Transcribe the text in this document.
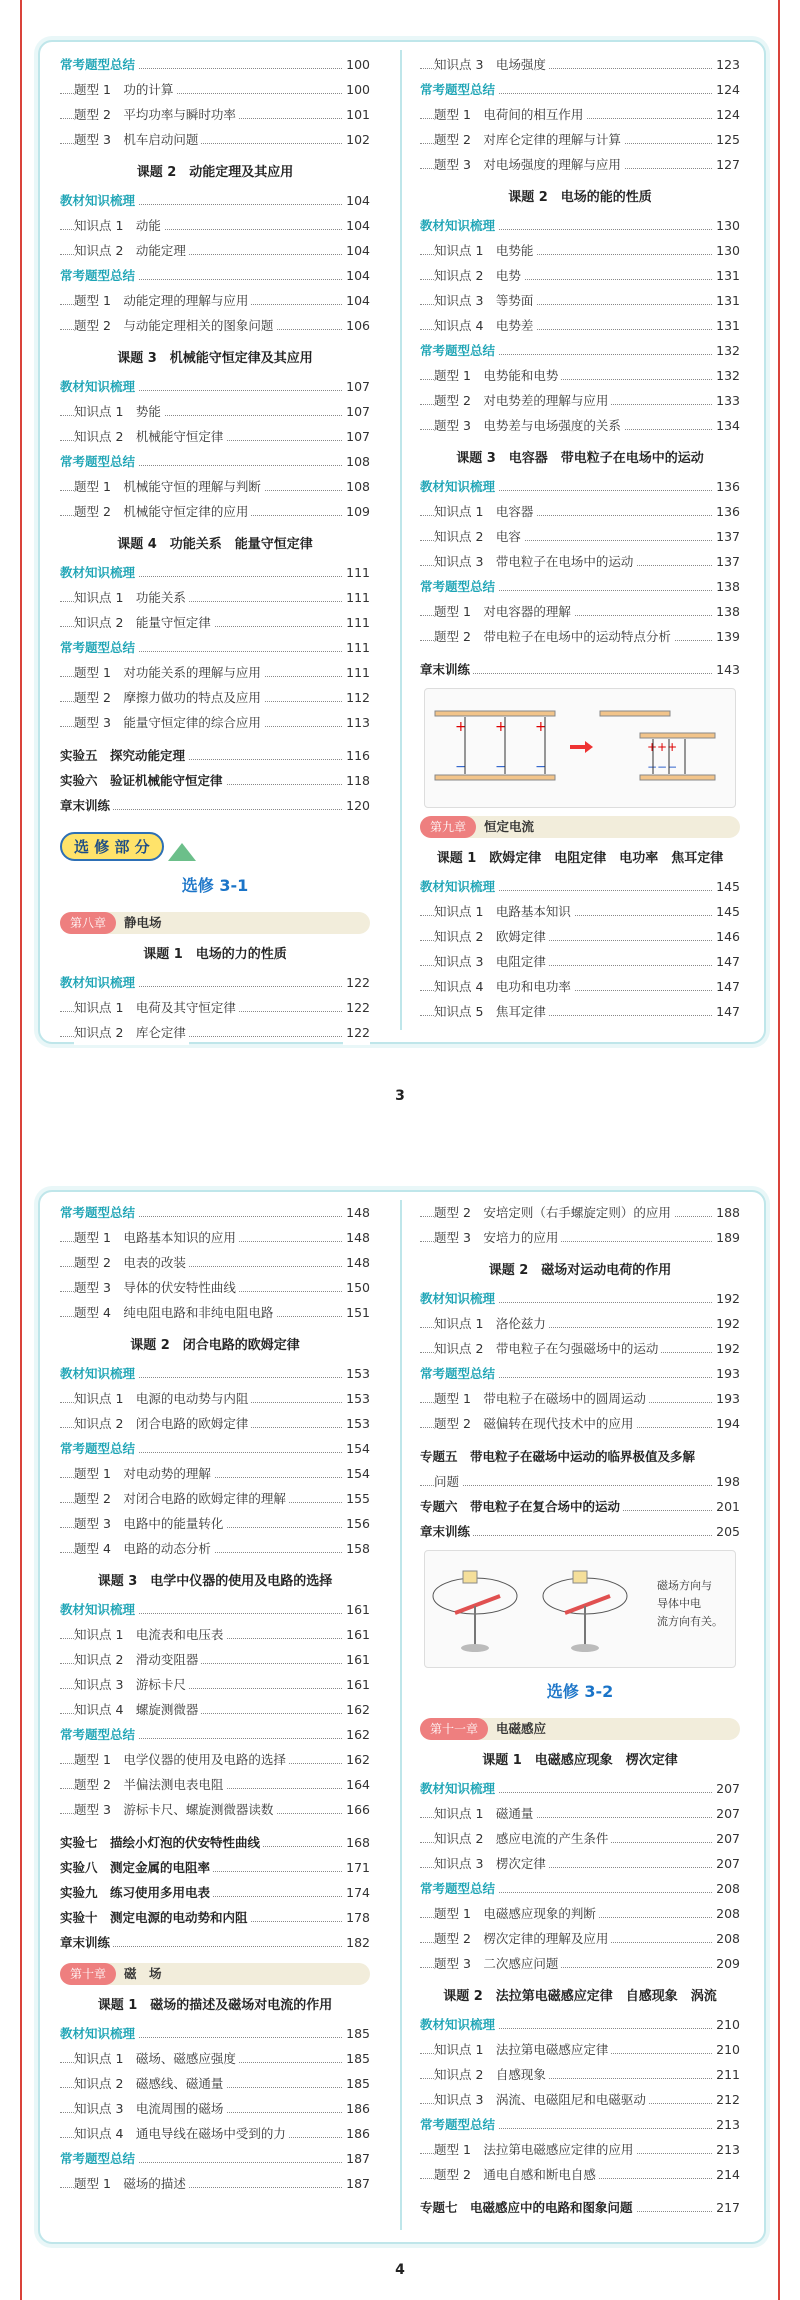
常考题型总结	100
题型 1　功的计算	100
题型 2　平均功率与瞬时功率	101
题型 3　机车启动问题	102
课题 2　动能定理及其应用
教材知识梳理	104
知识点 1　动能	104
知识点 2　动能定理	104
常考题型总结	104
题型 1　动能定理的理解与应用	104
题型 2　与动能定理相关的图象问题	106
课题 3　机械能守恒定律及其应用
教材知识梳理	107
知识点 1　势能	107
知识点 2　机械能守恒定律	107
常考题型总结	108
题型 1　机械能守恒的理解与判断	108
题型 2　机械能守恒定律的应用	109
课题 4　功能关系　能量守恒定律
教材知识梳理	111
知识点 1　功能关系	111
知识点 2　能量守恒定律	111
常考题型总结	111
题型 1　对功能关系的理解与应用	111
题型 2　摩擦力做功的特点及应用	112
题型 3　能量守恒定律的综合应用	113
实验五　探究动能定理	116
实验六　验证机械能守恒定律	118
章末训练	120
选 修 部 分
选修 3-1
第八章 静电场
课题 1　电场的力的性质
教材知识梳理	122
知识点 1　电荷及其守恒定律	122
知识点 2　库仑定律	122
知识点 3　电场强度	123
常考题型总结	124
题型 1　电荷间的相互作用	124
题型 2　对库仑定律的理解与计算	125
题型 3　对电场强度的理解与应用	127
课题 2　电场的能的性质
教材知识梳理	130
知识点 1　电势能	130
知识点 2　电势	131
知识点 3　等势面	131
知识点 4　电势差	131
常考题型总结	132
题型 1　电势能和电势	132
题型 2　对电势差的理解与应用	133
题型 3　电势差与电场强度的关系	134
课题 3　电容器　带电粒子在电场中的运动
教材知识梳理	136
知识点 1　电容器	136
知识点 2　电容	137
知识点 3　带电粒子在电场中的运动	137
常考题型总结	138
题型 1　对电容器的理解	138
题型 2　带电粒子在电场中的运动特点分析	139
章末训练	143
+ + +
− − −
+++
−−−
第九章 恒定电流
课题 1　欧姆定律　电阻定律　电功率　焦耳定律
教材知识梳理	145
知识点 1　电路基本知识	145
知识点 2　欧姆定律	146
知识点 3　电阻定律	147
知识点 4　电功和电功率	147
知识点 5　焦耳定律	147
3
常考题型总结	148
题型 1　电路基本知识的应用	148
题型 2　电表的改装	148
题型 3　导体的伏安特性曲线	150
题型 4　纯电阻电路和非纯电阻电路	151
课题 2　闭合电路的欧姆定律
教材知识梳理	153
知识点 1　电源的电动势与内阻	153
知识点 2　闭合电路的欧姆定律	153
常考题型总结	154
题型 1　对电动势的理解	154
题型 2　对闭合电路的欧姆定律的理解	155
题型 3　电路中的能量转化	156
题型 4　电路的动态分析	158
课题 3　电学中仪器的使用及电路的选择
教材知识梳理	161
知识点 1　电流表和电压表	161
知识点 2　滑动变阻器	161
知识点 3　游标卡尺	161
知识点 4　螺旋测微器	162
常考题型总结	162
题型 1　电学仪器的使用及电路的选择	162
题型 2　半偏法测电表电阻	164
题型 3　游标卡尺、螺旋测微器读数	166
实验七　描绘小灯泡的伏安特性曲线	168
实验八　测定金属的电阻率	171
实验九　练习使用多用电表	174
实验十　测定电源的电动势和内阻	178
章末训练	182
第十章 磁　场
课题 1　磁场的描述及磁场对电流的作用
教材知识梳理	185
知识点 1　磁场、磁感应强度	185
知识点 2　磁感线、磁通量	185
知识点 3　电流周围的磁场	186
知识点 4　通电导线在磁场中受到的力	186
常考题型总结	187
题型 1　磁场的描述	187
题型 2　安培定则（右手螺旋定则）的应用	188
题型 3　安培力的应用	189
课题 2　磁场对运动电荷的作用
教材知识梳理	192
知识点 1　洛伦兹力	192
知识点 2　带电粒子在匀强磁场中的运动	192
常考题型总结	193
题型 1　带电粒子在磁场中的圆周运动	193
题型 2　磁偏转在现代技术中的应用	194
专题五　带电粒子在磁场中运动的临界极值及多解
问题	198
专题六　带电粒子在复合场中的运动	201
章末训练	205
磁场方向与
导体中电
流方向有关。
选修 3-2
第十一章 电磁感应
课题 1　电磁感应现象　楞次定律
教材知识梳理	207
知识点 1　磁通量	207
知识点 2　感应电流的产生条件	207
知识点 3　楞次定律	207
常考题型总结	208
题型 1　电磁感应现象的判断	208
题型 2　楞次定律的理解及应用	208
题型 3　二次感应问题	209
课题 2　法拉第电磁感应定律　自感现象　涡流
教材知识梳理	210
知识点 1　法拉第电磁感应定律	210
知识点 2　自感现象	211
知识点 3　涡流、电磁阻尼和电磁驱动	212
常考题型总结	213
题型 1　法拉第电磁感应定律的应用	213
题型 2　通电自感和断电自感	214
专题七　电磁感应中的电路和图象问题	217
4
